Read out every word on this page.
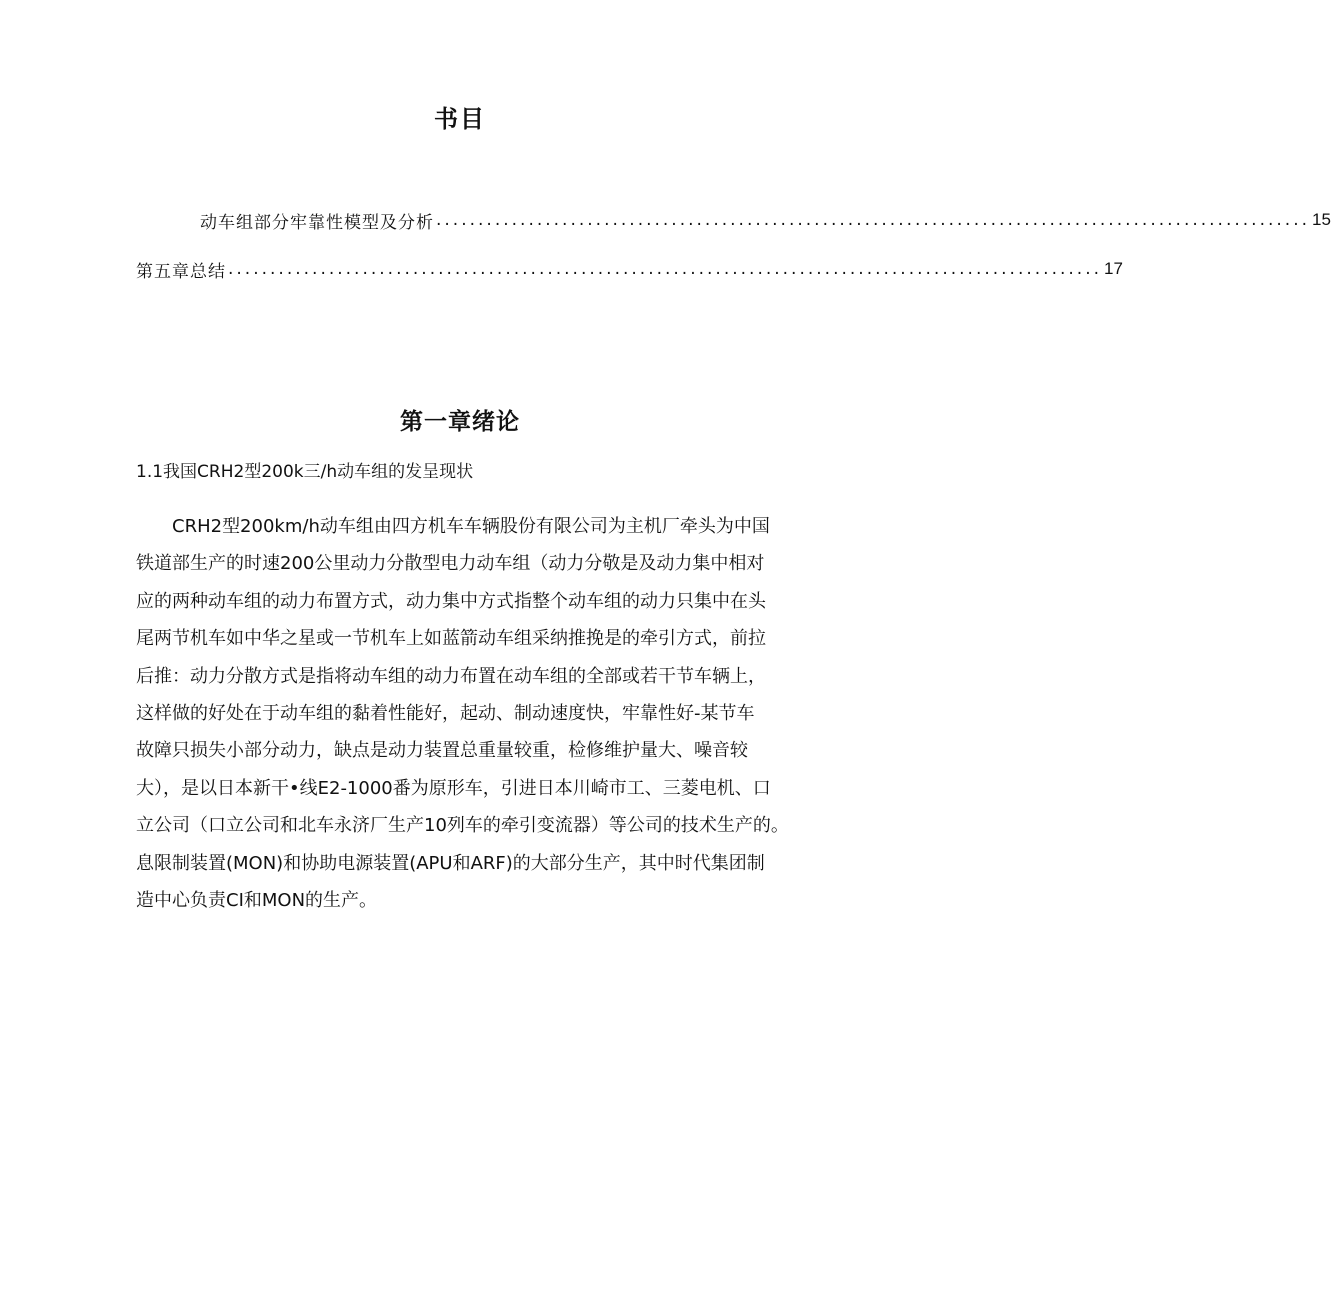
书目
动车组部分牢靠性模型及分析 ........................................................................................................ 15
第五章总结 ........................................................................................................ 17
第一章绪论
1.1我国CRH2型200k三/h动车组的发呈现状
CRH2型200km/h动车组由四方机车车辆股份有限公司为主机厂牵头为中国
铁道部生产的时速200公里动力分散型电力动车组（动力分敬是及动力集中相对
应的两种动车组的动力布置方式，动力集中方式指整个动车组的动力只集中在头
尾两节机车如中华之星或一节机车上如蓝箭动车组采纳推挽是的牵引方式，前拉
后推：动力分散方式是指将动车组的动力布置在动车组的全部或若干节车辆上，
这样做的好处在于动车组的黏着性能好，起动、制动速度快，牢靠性好-某节车
故障只损失小部分动力，缺点是动力装置总重量较重，检修维护量大、噪音较
大），是以日本新干•线E2-1000番为原形车，引进日本川崎市工、三菱电机、口
立公司（口立公司和北车永济厂生产10列车的牵引变流器）等公司的技术生产的。
息限制装置(MON)和协助电源装置(APU和ARF)的大部分生产，其中时代集团制
造中心负责CI和MON的生产。
